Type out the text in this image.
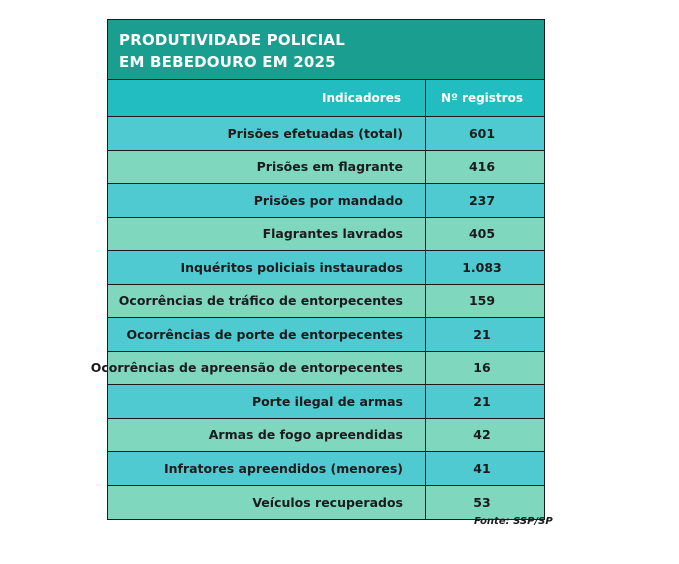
PRODUTIVIDADE POLICIAL
EM BEBEDOURO EM 2025
Indicadores	Nº registros
Prisões efetuadas (total)	601
Prisões em flagrante	416
Prisões por mandado	237
Flagrantes lavrados	405
Inquéritos policiais instaurados	1.083
Ocorrências de tráfico de entorpecentes	159
Ocorrências de porte de entorpecentes	21
Ocorrências de apreensão de entorpecentes	16
Porte ilegal de armas	21
Armas de fogo apreendidas	42
Infratores apreendidos (menores)	41
Veículos recuperados	53
Fonte: SSP/SP
